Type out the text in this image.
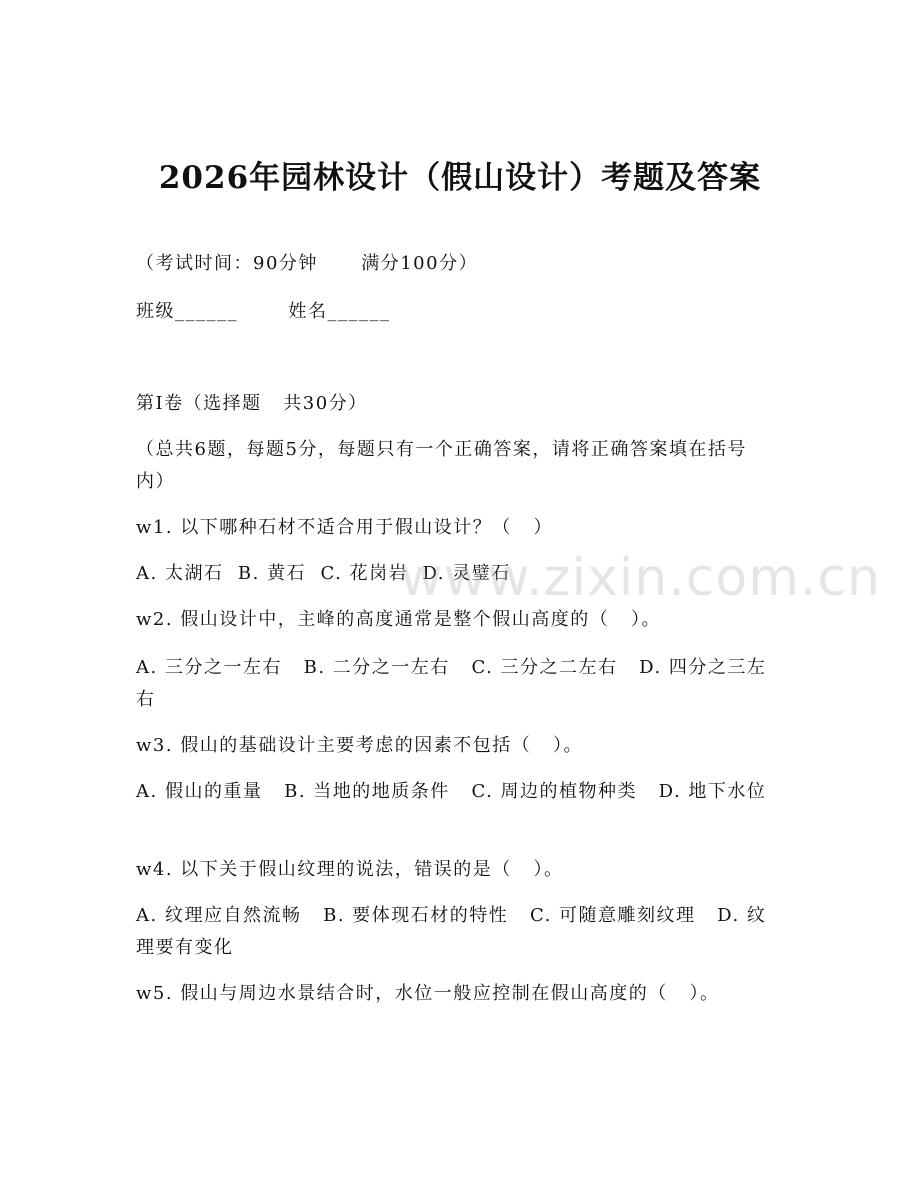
2026年园林设计（假山设计）考题及答案
（考试时间：90分钟      满分100分）
班级______       姓名______
第Ⅰ卷（选择题   共30分）
（总共6题，每题5分，每题只有一个正确答案，请将正确答案填在括号内）
w1. 以下哪种石材不适合用于假山设计？（   ）
A. 太湖石  B. 黄石  C. 花岗岩  D. 灵璧石
w2. 假山设计中，主峰的高度通常是整个假山高度的（   ）。
A. 三分之一左右   B. 二分之一左右   C. 三分之二左右   D. 四分之三左右
w3. 假山的基础设计主要考虑的因素不包括（   ）。
A. 假山的重量   B. 当地的地质条件   C. 周边的植物种类   D. 地下水位
w4. 以下关于假山纹理的说法，错误的是（   ）。
A. 纹理应自然流畅   B. 要体现石材的特性   C. 可随意雕刻纹理   D. 纹理要有变化
w5. 假山与周边水景结合时，水位一般应控制在假山高度的（   ）。
www.zixin.com.cn
